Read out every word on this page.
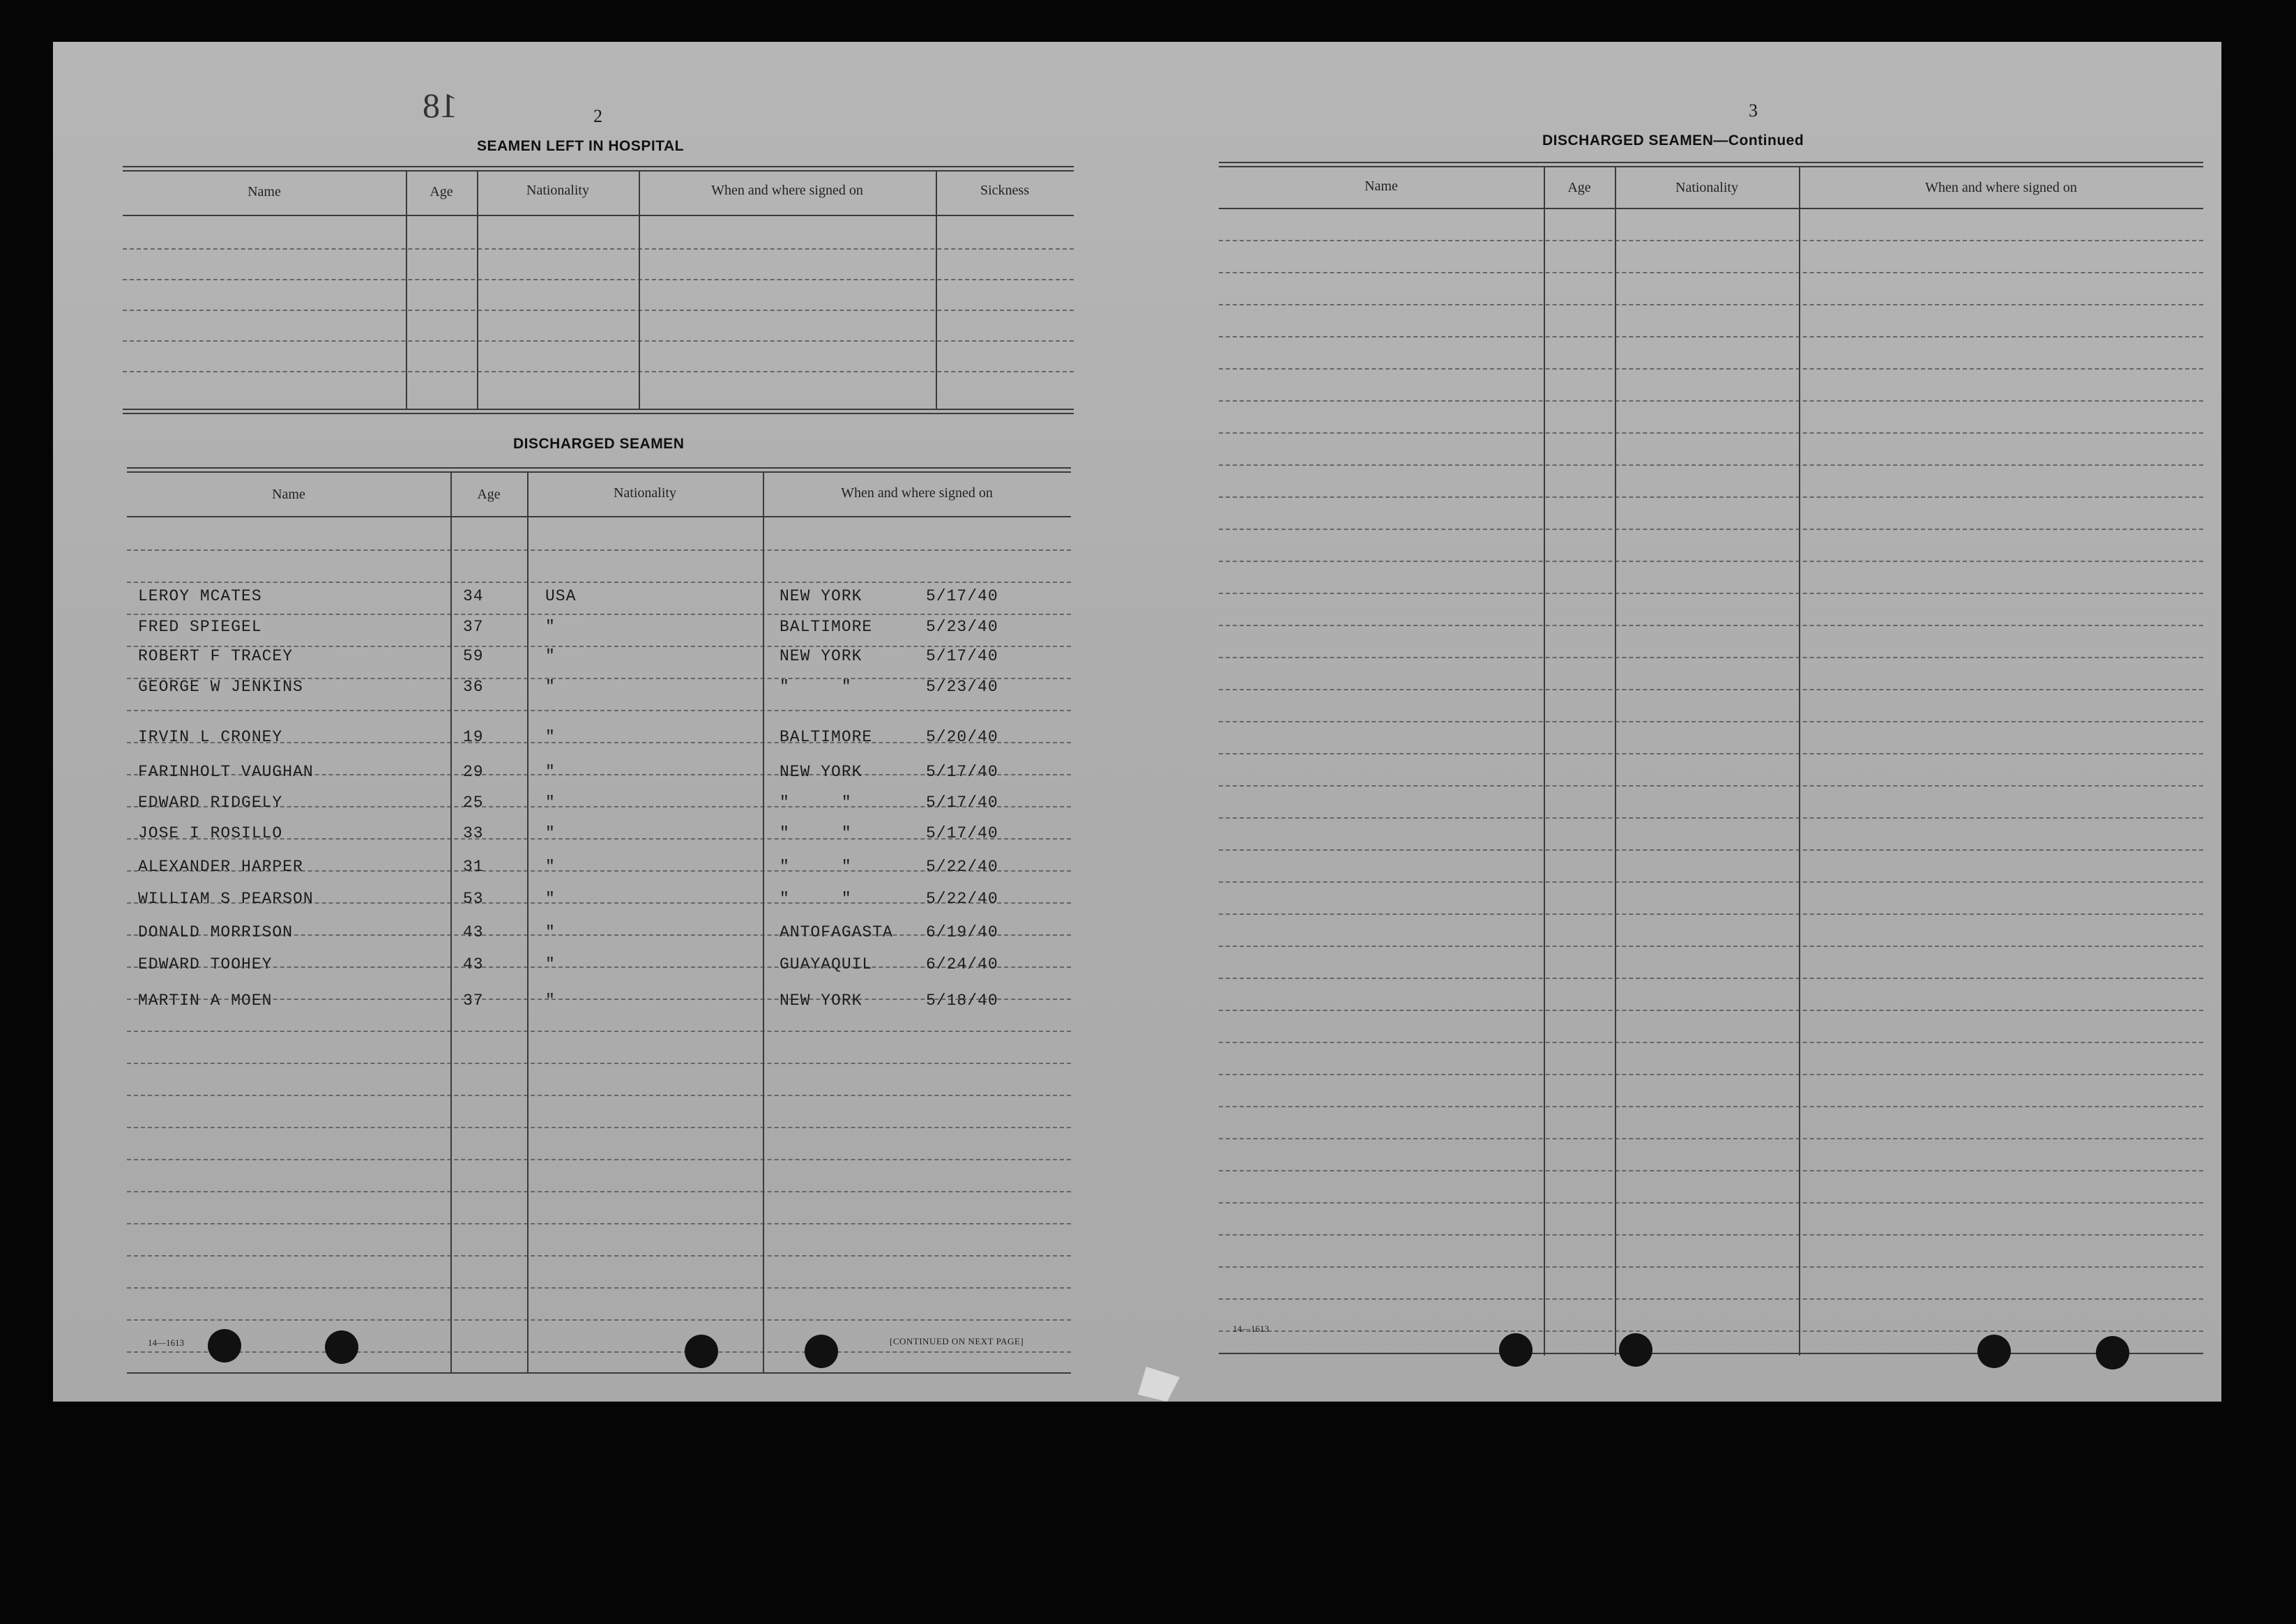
18	2
SEAMEN LEFT IN HOSPITAL
Name	Age	Nationality	When and where signed on	Sickness
DISCHARGED SEAMEN
Name	Age	Nationality	When and where signed on
LEROY MCATES	34	USA	NEW YORK	5/17/40
FRED SPIEGEL	37	"	BALTIMORE	5/23/40
ROBERT F TRACEY	59	"	NEW YORK	5/17/40
GEORGE W JENKINS	36	"	"     "	5/23/40
IRVIN L CRONEY	19	"	BALTIMORE	5/20/40
FARINHOLT VAUGHAN	29	"	NEW YORK	5/17/40
EDWARD RIDGELY	25	"	"     "	5/17/40
JOSE I ROSILLO	33	"	"     "	5/17/40
ALEXANDER HARPER	31	"	"     "	5/22/40
WILLIAM S PEARSON	53	"	"     "	5/22/40
DONALD MORRISON	43	"	ANTOFAGASTA 6/19/40
EDWARD TOOHEY	43	"	GUAYAQUIL	6/24/40
MARTIN A MOEN	37	"	NEW YORK	5/18/40
14—1613	[CONTINUED ON NEXT PAGE]
3
DISCHARGED SEAMEN—Continued
Name	Age	Nationality	When and where signed on
14—1613
